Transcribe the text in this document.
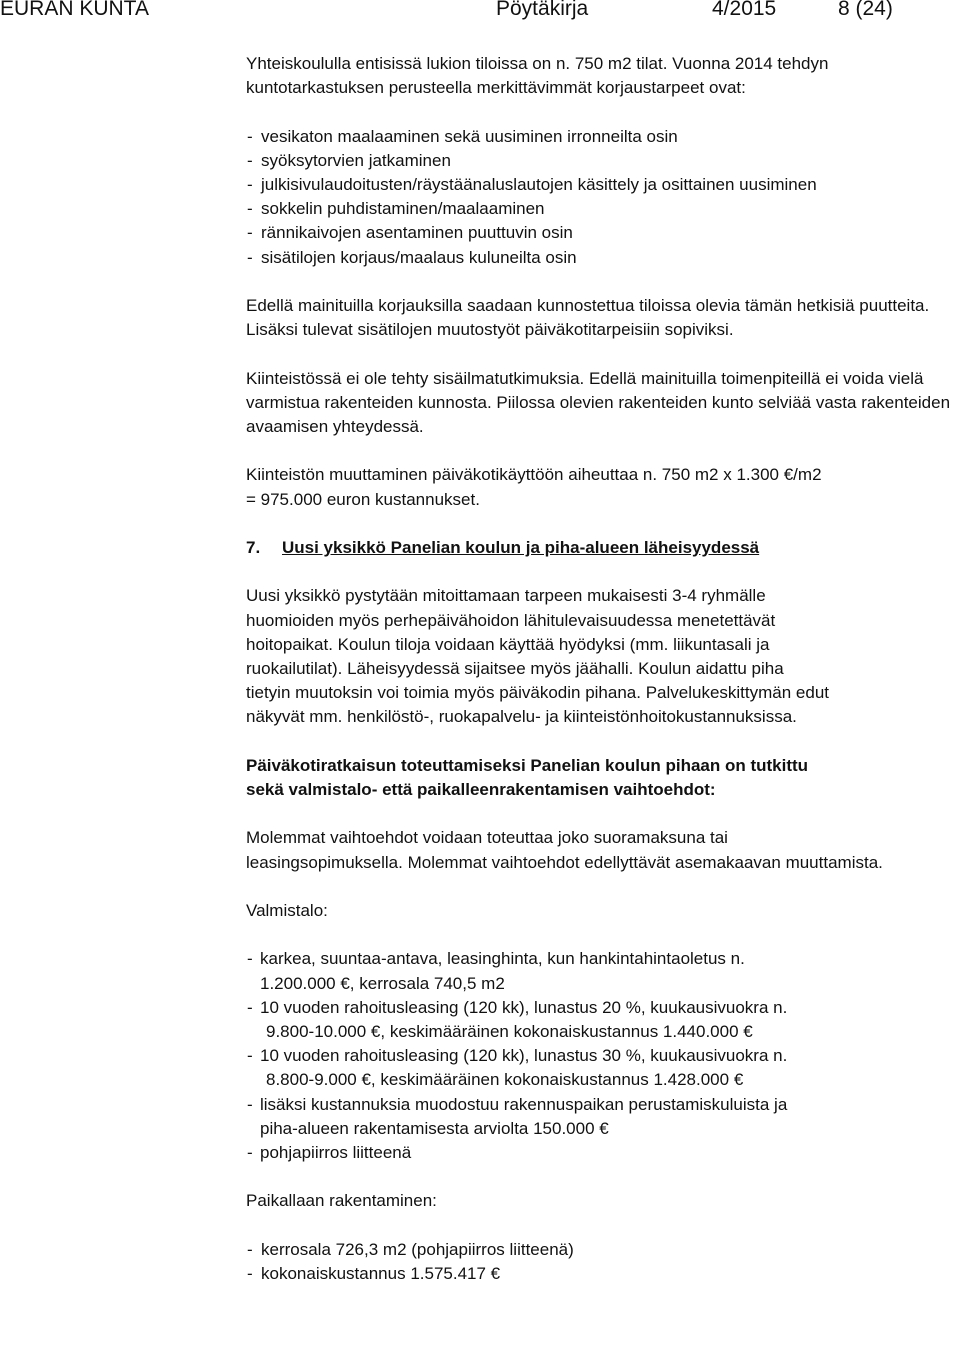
EURAN KUNTA	Pöytäkirja	4/2015	8 (24)

Yhteiskoululla entisissä lukion tiloissa on n. 750 m2 tilat. Vuonna 2014 tehdyn

kuntotarkastuksen perusteella merkittävimmät korjaustarpeet ovat:

- vesikaton maalaaminen sekä uusiminen irronneilta osin
- syöksytorvien jatkaminen
- julkisivulaudoitusten/räystäänaluslautojen käsittely ja osittainen uusiminen
- sokkelin puhdistaminen/maalaaminen
- rännikaivojen asentaminen puuttuvin osin
- sisätilojen korjaus/maalaus kuluneilta osin

Edellä mainituilla korjauksilla saadaan kunnostettua tiloissa olevia tämän hetkisiä puutteita. Lisäksi tulevat sisätilojen muutostyöt päiväkotitarpeisiin sopiviksi.

Kiinteistössä ei ole tehty sisäilmatutkimuksia. Edellä mainituilla toimenpiteillä ei voida vielä varmistua rakenteiden kunnosta. Piilossa olevien rakenteiden kunto selviää vasta rakenteiden avaamisen yhteydessä.

Kiinteistön muuttaminen päiväkotikäyttöön aiheuttaa n. 750 m2 x 1.300 €/m2

= 975.000 euron kustannukset.

7. Uusi yksikkö Panelian koulun ja piha-alueen läheisyydessä

Uusi yksikkö pystytään mitoittamaan tarpeen mukaisesti 3-4 ryhmälle

huomioiden myös perhepäivähoidon lähitulevaisuudessa menetettävät

hoitopaikat. Koulun tiloja voidaan käyttää hyödyksi (mm. liikuntasali ja

ruokailutilat). Läheisyydessä sijaitsee myös jäähalli. Koulun aidattu piha

tietyin muutoksin voi toimia myös päiväkodin pihana. Palvelukeskittymän edut

näkyvät mm. henkilöstö-, ruokapalvelu- ja kiinteistönhoitokustannuksissa.

Päiväkotiratkaisun toteuttamiseksi Panelian koulun pihaan on tutkittu

sekä valmistalo- että paikalleenrakentamisen vaihtoehdot:

Molemmat vaihtoehdot voidaan toteuttaa joko suoramaksuna tai leasingsopimuksella. Molemmat vaihtoehdot edellyttävät asemakaavan muuttamista.

Valmistalo:

- karkea, suuntaa-antava, leasinghinta, kun hankintahintaoletus n.
1.200.000 €, kerrosala 740,5 m2
- 10 vuoden rahoitusleasing (120 kk), lunastus 20 %, kuukausivuokra n.
9.800-10.000 €, keskimääräinen kokonaiskustannus 1.440.000 €
- 10 vuoden rahoitusleasing (120 kk), lunastus 30 %, kuukausivuokra n.
8.800-9.000 €, keskimääräinen kokonaiskustannus 1.428.000 €
- lisäksi kustannuksia muodostuu rakennuspaikan perustamiskuluista ja
piha-alueen rakentamisesta arviolta 150.000 €
- pohjapiirros liitteenä

Paikallaan rakentaminen:

- kerrosala 726,3 m2 (pohjapiirros liitteenä)
- kokonaiskustannus 1.575.417 €
